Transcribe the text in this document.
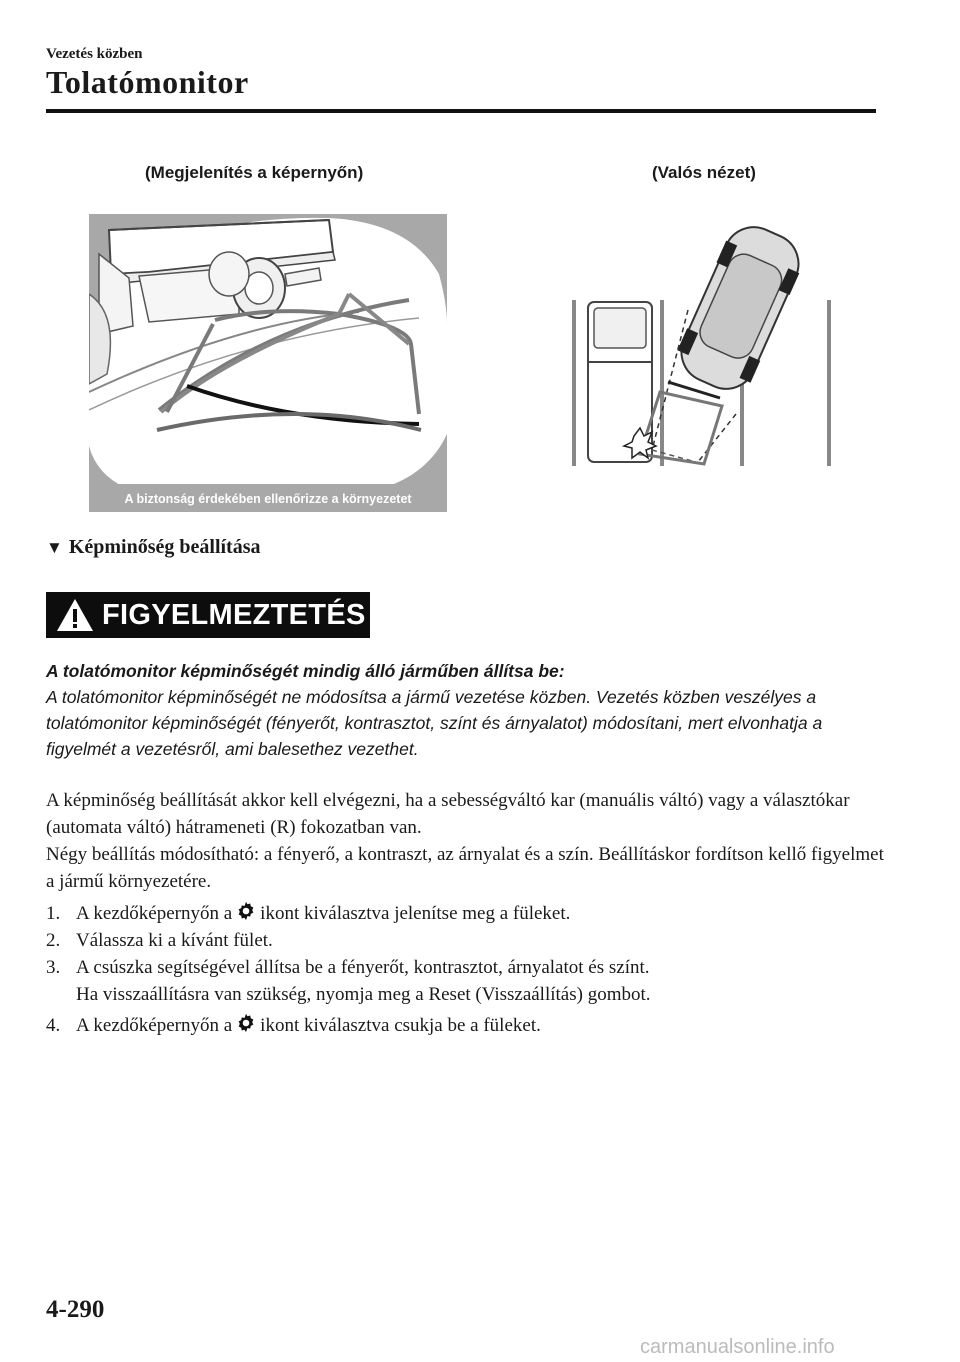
Vezetés közben
Tolatómonitor
(Megjelenítés a képernyőn)	(Valós nézet)
A biztonság érdekében ellenőrizze a környezetet
▼ Képminőség beállítása
FIGYELMEZTETÉS
A tolatómonitor képminőségét mindig álló járműben állítsa be:
A tolatómonitor képminőségét ne módosítsa a jármű vezetése közben. Vezetés közben veszélyes a tolatómonitor képminőségét (fényerőt, kontrasztot, színt és árnyalatot) módosítani, mert elvonhatja a figyelmét a vezetésről, ami balesethez vezethet.

A képminőség beállítását akkor kell elvégezni, ha a sebességváltó kar (manuális váltó) vagy a választókar (automata váltó) hátrameneti (R) fokozatban van.

Négy beállítás módosítható: a fényerő, a kontraszt, az árnyalat és a szín. Beállításkor fordítson kellő figyelmet a jármű környezetére.

1. A kezdőképernyőn a ikont kiválasztva jelenítse meg a füleket.
2. Válassza ki a kívánt fület.
3. A csúszka segítségével állítsa be a fényerőt, kontrasztot, árnyalatot és színt.
Ha visszaállításra van szükség, nyomja meg a Reset (Visszaállítás) gombot.
4. A kezdőképernyőn a ikont kiválasztva csukja be a füleket.
4-290
carmanualsonline.info
